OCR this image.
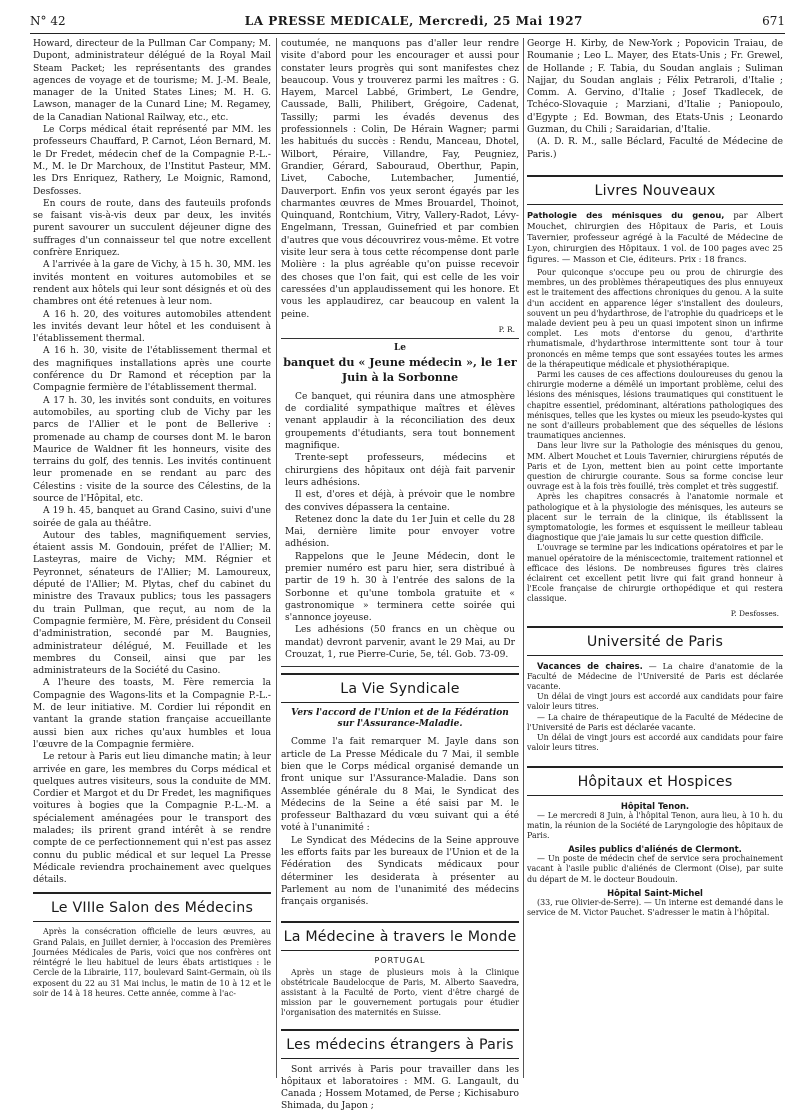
N° 42	LA PRESSE MEDICALE, Mercredi, 25 Mai 1927	671

Howard, directeur de la Pullman Car Company; M. Dupont, administrateur délégué de la Royal Mail Steam Packet; les représentants des grandes agences de voyage et de tourisme; M. J.-M. Beale, manager de la United States Lines; M. H. G. Lawson, manager de la Cunard Line; M. Regamey, de la Canadian National Railway, etc., etc.

Le Corps médical était représenté par MM. les professeurs Chauffard, P. Carnot, Léon Bernard, M. le Dr Fredet, médecin chef de la Compagnie P.-L.-M., M. le Dr Marchoux, de l'Institut Pasteur, MM. les Drs Enriquez, Rathery, Le Moignic, Ramond, Desfosses.

En cours de route, dans des fauteuils profonds se faisant vis-à-vis deux par deux, les invités purent savourer un succulent déjeuner digne des suffrages d'un connaisseur tel que notre excellent confrère Enriquez.

A l'arrivée à la gare de Vichy, à 15 h. 30, MM. les invités montent en voitures automobiles et se rendent aux hôtels qui leur sont désignés et où des chambres ont été retenues à leur nom.

A 16 h. 20, des voitures automobiles attendent les invités devant leur hôtel et les conduisent à l'établissement thermal.

A 16 h. 30, visite de l'établissement thermal et des magnifiques installations après une courte conférence du Dr Ramond et réception par la Compagnie fermière de l'établissement thermal.

A 17 h. 30, les invités sont conduits, en voitures automobiles, au sporting club de Vichy par les parcs de l'Allier et le pont de Bellerive : promenade au champ de courses dont M. le baron Maurice de Waldner fit les honneurs, visite des terrains du golf, des tennis. Les invités continuent leur promenade en se rendant au parc des Célestins : visite de la source des Célestins, de la source de l'Hôpital, etc.

A 19 h. 45, banquet au Grand Casino, suivi d'une soirée de gala au théâtre.

Autour des tables, magnifiquement servies, étaient assis M. Gondouin, préfet de l'Allier; M. Lasteyras, maire de Vichy; MM. Régnier et Peyronnet, sénateurs de l'Allier; M. Lamoureux, député de l'Allier; M. Plytas, chef du cabinet du ministre des Travaux publics; tous les passagers du train Pullman, que reçut, au nom de la Compagnie fermière, M. Fère, président du Conseil d'administration, secondé par M. Baugnies, administrateur délégué, M. Feuillade et les membres du Conseil, ainsi que par les administrateurs de la Société du Casino.

A l'heure des toasts, M. Fère remercia la Compagnie des Wagons-lits et la Compagnie P.-L.-M. de leur initiative. M. Cordier lui répondit en vantant la grande station française accueillante aussi bien aux riches qu'aux humbles et loua l'œuvre de la Compagnie fermière.

Le retour à Paris eut lieu dimanche matin; à leur arrivée en gare, les membres du Corps médical et quelques autres visiteurs, sous la conduite de MM. Cordier et Margot et du Dr Fredet, les magnifiques voitures à bogies que la Compagnie P.-L.-M. a spécialement aménagées pour le transport des malades; ils prirent grand intérêt à se rendre compte de ce perfectionnement qui n'est pas assez connu du public médical et sur lequel La Presse Médicale reviendra prochainement avec quelques détails.

Le VIIIe Salon des Médecins

Après la consécration officielle de leurs œuvres, au Grand Palais, en Juillet dernier, à l'occasion des Premières Journées Médicales de Paris, voici que nos confrères ont réintégré le lieu habituel de leurs ébats artistiques : le Cercle de la Librairie, 117, boulevard Saint-Germain, où ils exposent du 22 au 31 Mai inclus, le matin de 10 à 12 et le soir de 14 à 18 heures. Cette année, comme à l'ac-

coutumée, ne manquons pas d'aller leur rendre visite d'abord pour les encourager et aussi pour constater leurs progrès qui sont manifestes chez beaucoup. Vous y trouverez parmi les maîtres : G. Hayem, Marcel Labbé, Grimbert, Le Gendre, Caussade, Balli, Philibert, Grégoire, Cadenat, Tassilly; parmi les évadés devenus des professionnels : Colin, De Hérain Wagner; parmi les habitués du succès : Rendu, Manceau, Dhotel, Wilbort, Péraire, Villandre, Fay, Peugniez, Grandier, Gérard, Sabouraud, Oberthur, Papin, Livet, Caboche, Lutembacher, Jumentié, Dauverport. Enfin vos yeux seront égayés par les charmantes œuvres de Mmes Brouardel, Thoinot, Quinquand, Rontchium, Vitry, Vallery-Radot, Lévy-Engelmann, Tressan, Guinefried et par combien d'autres que vous découvrirez vous-même. Et votre visite leur sera à tous cette récompense dont parle Molière : la plus agréable qu'on puisse recevoir des choses que l'on fait, qui est celle de les voir caressées d'un applaudissement qui les honore. Et vous les applaudirez, car beaucoup en valent la peine.

P. R.
Le
banquet du « Jeune médecin », le 1er Juin à la Sorbonne

Ce banquet, qui réunira dans une atmosphère de cordialité sympathique maîtres et élèves venant applaudir à la réconciliation des deux groupements d'étudiants, sera tout bonnement magnifique.

Trente-sept professeurs, médecins et chirurgiens des hôpitaux ont déjà fait parvenir leurs adhésions.

Il est, d'ores et déjà, à prévoir que le nombre des convives dépassera la centaine.

Retenez donc la date du 1er Juin et celle du 28 Mai, dernière limite pour envoyer votre adhésion.

Rappelons que le Jeune Médecin, dont le premier numéro est paru hier, sera distribué à partir de 19 h. 30 à l'entrée des salons de la Sorbonne et qu'une tombola gratuite et « gastronomique » terminera cette soirée qui s'annonce joyeuse.

Les adhésions (50 francs en un chèque ou mandat) devront parvenir, avant le 29 Mai, au Dr Crouzat, 1, rue Pierre-Curie, 5e, tél. Gob. 73-09.

La Vie Syndicale
Vers l'accord de l'Union et de la Fédération sur l'Assurance-Maladie.

Comme l'a fait remarquer M. Jayle dans son article de La Presse Médicale du 7 Mai, il semble bien que le Corps médical organisé demande un front unique sur l'Assurance-Maladie. Dans son Assemblée générale du 8 Mai, le Syndicat des Médecins de la Seine a été saisi par M. le professeur Balthazard du vœu suivant qui a été voté à l'unanimité :

Le Syndicat des Médecins de la Seine approuve les efforts faits par les bureaux de l'Union et de la Fédération des Syndicats médicaux pour déterminer les desiderata à présenter au Parlement au nom de l'unanimité des médecins français organisés.

La Médecine à travers le Monde
PORTUGAL

Après un stage de plusieurs mois à la Clinique obstétricale Baudelocque de Paris, M. Alberto Saavedra, assistant à la Faculté de Porto, vient d'être chargé de mission par le gouvernement portugais pour étudier l'organisation des maternités en Suisse.

Les médecins étrangers à Paris

Sont arrivés à Paris pour travailler dans les hôpitaux et laboratoires : MM. G. Langault, du Canada ; Hossem Motamed, de Perse ; Kichisaburo Shimada, du Japon ;

George H. Kirby, de New-York ; Popovicin Traiau, de Roumanie ; Leo L. Mayer, des Etats-Unis ; Fr. Grewel, de Hollande ; F. Tabia, du Soudan anglais ; Suliman Najjar, du Soudan anglais ; Félix Petraroli, d'Italie ; Comm. A. Gervino, d'Italie ; Josef Tkadlecek, de Tchéco-Slovaquie ; Marziani, d'Italie ; Paniopoulo, d'Egypte ; Ed. Bowman, des Etats-Unis ; Leonardo Guzman, du Chili ; Saraidarian, d'Italie.

(A. D. R. M., salle Béclard, Faculté de Médecine de Paris.)

Livres Nouveaux

Pathologie des ménisques du genou, par Albert Mouchet, chirurgien des Hôpitaux de Paris, et Louis Tavernier, professeur agrégé à la Faculté de Médecine de Lyon, chirurgien des Hôpitaux. 1 vol. de 100 pages avec 25 figures. — Masson et Cie, éditeurs. Prix : 18 francs.

Pour quiconque s'occupe peu ou prou de chirurgie des membres, un des problèmes thérapeutiques des plus ennuyeux est le traitement des affections chroniques du genou. A la suite d'un accident en apparence léger s'installent des douleurs, souvent un peu d'hydarthrose, de l'atrophie du quadriceps et le malade devient peu à peu un quasi impotent sinon un infirme complet. Les mots d'entorse du genou, d'arthrite rhumatismale, d'hydarthrose intermittente sont tour à tour prononcés en même temps que sont essayées toutes les armes de la thérapeutique médicale et physiothérapique.

Parmi les causes de ces affections douloureuses du genou la chirurgie moderne a démêlé un important problème, celui des lésions des ménisques, lésions traumatiques qui constituent le chapitre essentiel, prédominant, altérations pathologiques des ménisques, telles que les kystes ou mieux les pseudo-kystes qui ne sont d'ailleurs probablement que des séquelles de lésions traumatiques anciennes.

Dans leur livre sur la Pathologie des ménisques du genou, MM. Albert Mouchet et Louis Tavernier, chirurgiens réputés de Paris et de Lyon, mettent bien au point cette importante question de chirurgie courante. Sous sa forme concise leur ouvrage est à la fois très fouillé, très complet et très suggestif.

Après les chapitres consacrés à l'anatomie normale et pathologique et à la physiologie des ménisques, les auteurs se placent sur le terrain de la clinique, ils établissent la symptomatologie, les formes et esquissent le meilleur tableau diagnostique que j'aie jamais lu sur cette question difficile.

L'ouvrage se termine par les indications opératoires et par le manuel opératoire de la méniscectomie, traitement rationnel et efficace des lésions. De nombreuses figures très claires éclairent cet excellent petit livre qui fait grand honneur à l'Ecole française de chirurgie orthopédique et qui restera classique.

P. Desfosses.
Université de Paris

Vacances de chaires. — La chaire d'anatomie de la Faculté de Médecine de l'Université de Paris est déclarée vacante.

Un délai de vingt jours est accordé aux candidats pour faire valoir leurs titres.

— La chaire de thérapeutique de la Faculté de Médecine de l'Université de Paris est déclarée vacante.

Un délai de vingt jours est accordé aux candidats pour faire valoir leurs titres.

Hôpitaux et Hospices
Hôpital Tenon.

— Le mercredi 8 Juin, à l'hôpital Tenon, aura lieu, à 10 h. du matin, la réunion de la Société de Laryngologie des hôpitaux de Paris.

Asiles publics d'aliénés de Clermont.

— Un poste de médecin chef de service sera prochainement vacant à l'asile public d'aliénés de Clermont (Oise), par suite du départ de M. le docteur Boudouin.

Hôpital Saint-Michel

(33, rue Olivier-de-Serre). — Un interne est demandé dans le service de M. Victor Pauchet. S'adresser le matin à l'hôpital.
